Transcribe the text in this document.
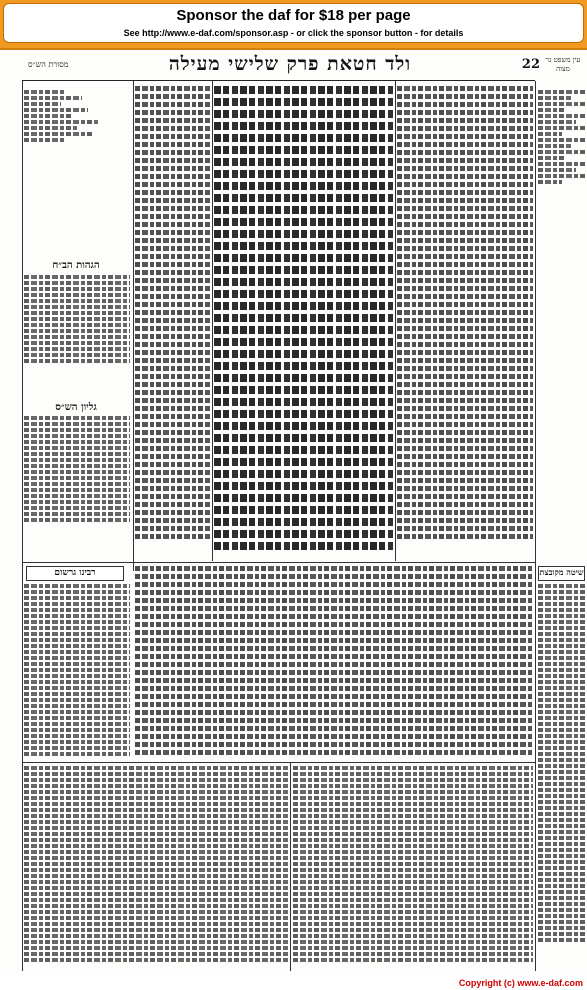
Sponsor the daf for $18 per page
See http://www.e-daf.com/sponsor.asp - or click the sponsor button - for details
22
ולד חטאת פרק שלישי מעילה
מסורת הש״ס	עין משפט נר מצוה
הגהות הב״ח
גליון הש״ס
רבינו גרשום	שיטה מקובצת
Copyright (c) www.e-daf.com
